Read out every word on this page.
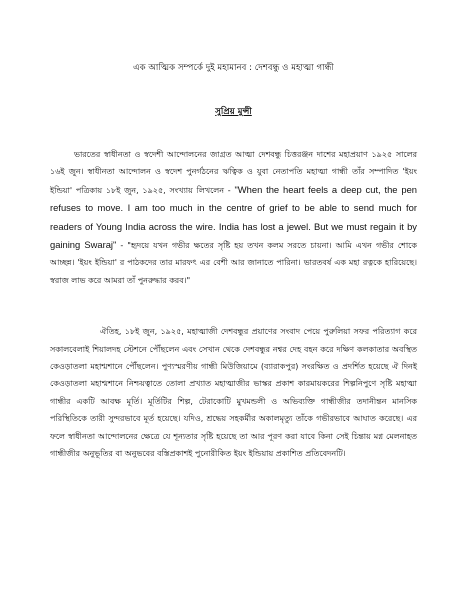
এক আত্মিক সম্পর্কে দুই মহামানব : দেশবন্ধু ও মহাত্মা গান্ধী
সুপ্রিয় মুন্সী

ভারতের স্বাধীনতা ও স্বদেশী আন্দোলনের জাগ্রত আত্মা দেশবন্ধু চিত্তরঞ্জন দাশের মহাপ্রয়াণ ১৯২৫ সালের ১৬ই জুন। স্বাধীনতা আন্দোলন ও স্বদেশ পুনর্গঠনের ঋত্বিক ও যুবা নেতাপতি মহাত্মা গান্ধী তাঁর সম্পাদিত 'ইয়ং ইন্ডিয়া' পত্রিকায় ১৮ই জুন, ১৯২৫, সংখ্যায় লিখলেন - "When the heart feels a deep cut, the pen refuses to move. I am too much in the centre of grief to be able to send much for readers of Young India across the wire. India has lost a jewel. But we must regain it by gaining Swaraj" - "হৃদয়ে যখন গভীর ক্ষতের সৃষ্টি হয় তখন কলম সরতে চায়না। আমি এখন গভীর শোকে আচ্ছন্ন। 'ইয়ং ইন্ডিয়া' র পাঠকদের তার মারফৎ এর বেশী আর জানাতে পারিনা। ভারতবর্ষ এক মহা রত্নকে হারিয়েছে। স্বরাজ লাভ করে আমরা তাঁ পুনরুদ্ধার করব।"

ঐতিহ, ১৮ই জুন, ১৯২৫, মহাত্মাজী দেশবন্ধুর প্রয়াণের সংবাদ পেয়ে পুরুলিয়া সফর পরিত্যাগ করে সকালবেলাই শিয়ালদহ স্টেশনে পৌঁছলেন এবং সেখান থেকে দেশবন্ধুর নশ্বর দেহ বহন করে দক্ষিণ কলকাতার অবস্থিত কেওড়াতলা মহাশ্মশানে পৌঁছলেন। পুণ্যস্মরণীয় গান্ধী মিউজিয়ামে (ব্যারাকপুর) সংরক্ষিত ও প্রদর্শিত হয়েছে ঐ দিনই কেওড়াতলা মহাশ্মশানে নিশ্চয়ত্বাতে তোলা প্রখ্যাত মহাত্মাজীর ভাস্কর প্রকাশ কারমায়করের শিল্পনিপুণে সৃষ্টি মহাত্মা গান্ধীর একটি আবক্ষ মূর্তি। মূর্তিটির শিল্প, টেরাকোটি মুখমন্ডলী ও অভিব্যক্তি গান্ধীজীর তদানীন্তন মানসিক পরিস্থিতিকে তারী সুন্দরভাবে মূর্ত হয়েছে। যদিও, শ্রদ্ধেয় সহকর্মীর অকালমৃত্যু তাঁকে গভীরভাবে আঘাত করেছে। এর ফলে স্বাধীনতা আন্দোলনের ক্ষেত্রে যে শূন্যতার সৃষ্টি হয়েছে তা আর পূরণ করা যাবে কিনা সেই চিন্তায় মগ্ন মেলনাহত গান্ধীজীর অনুভূতির বা অনুভবের বস্তিপ্রকাশই পুনোরীকিত ইয়ং ইন্ডিয়ায় প্রকাশিত প্রতিবেদনটি।
